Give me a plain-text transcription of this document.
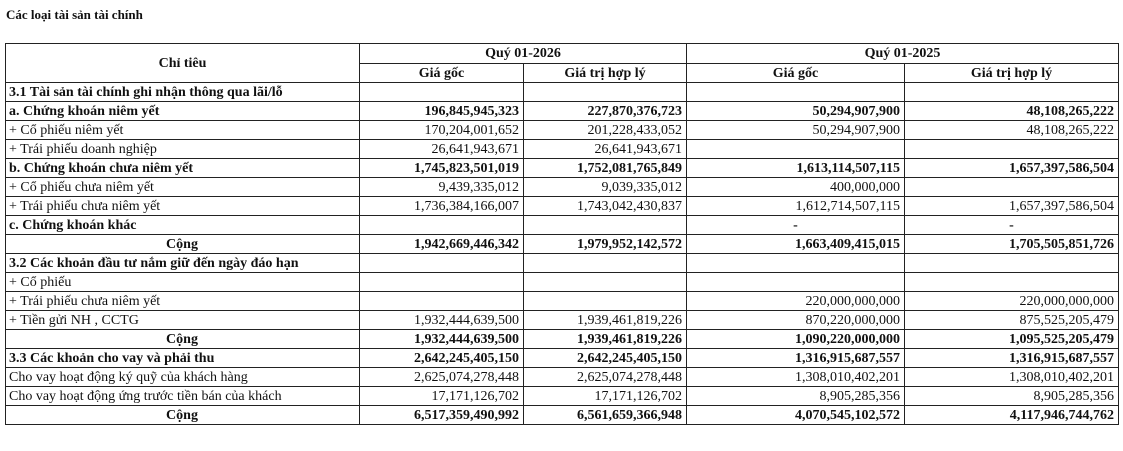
Các loại tài sản tài chính
Chỉ tiêu	Quý 01-2026		Quý 01-2025	
	Giá gốc	Giá trị hợp lý	Giá gốc	Giá trị hợp lý
3.1 Tài sản tài chính ghi nhận thông qua lãi/lỗ				
a. Chứng khoán niêm yết	196,845,945,323	227,870,376,723	50,294,907,900	48,108,265,222
+ Cổ phiếu niêm yết	170,204,001,652	201,228,433,052	50,294,907,900	48,108,265,222
+ Trái phiếu doanh nghiệp	26,641,943,671	26,641,943,671		
b. Chứng khoán chưa niêm yết	1,745,823,501,019	1,752,081,765,849	1,613,114,507,115	1,657,397,586,504
+ Cổ phiếu chưa niêm yết	9,439,335,012	9,039,335,012	400,000,000	
+ Trái phiếu chưa niêm yết	1,736,384,166,007	1,743,042,430,837	1,612,714,507,115	1,657,397,586,504
c. Chứng khoán khác			-	-
Cộng	1,942,669,446,342	1,979,952,142,572	1,663,409,415,015	1,705,505,851,726
3.2 Các khoản đầu tư nắm giữ đến ngày đáo hạn				
+ Cổ phiếu				
+ Trái phiếu chưa niêm yết			220,000,000,000	220,000,000,000
+ Tiền gửi NH , CCTG	1,932,444,639,500	1,939,461,819,226	870,220,000,000	875,525,205,479
Cộng	1,932,444,639,500	1,939,461,819,226	1,090,220,000,000	1,095,525,205,479
3.3 Các khoản cho vay và phải thu	2,642,245,405,150	2,642,245,405,150	1,316,915,687,557	1,316,915,687,557
Cho vay hoạt động ký quỹ của khách hàng	2,625,074,278,448	2,625,074,278,448	1,308,010,402,201	1,308,010,402,201
Cho vay hoạt động ứng trước tiền bán của khách	17,171,126,702	17,171,126,702	8,905,285,356	8,905,285,356
Cộng	6,517,359,490,992	6,561,659,366,948	4,070,545,102,572	4,117,946,744,762
